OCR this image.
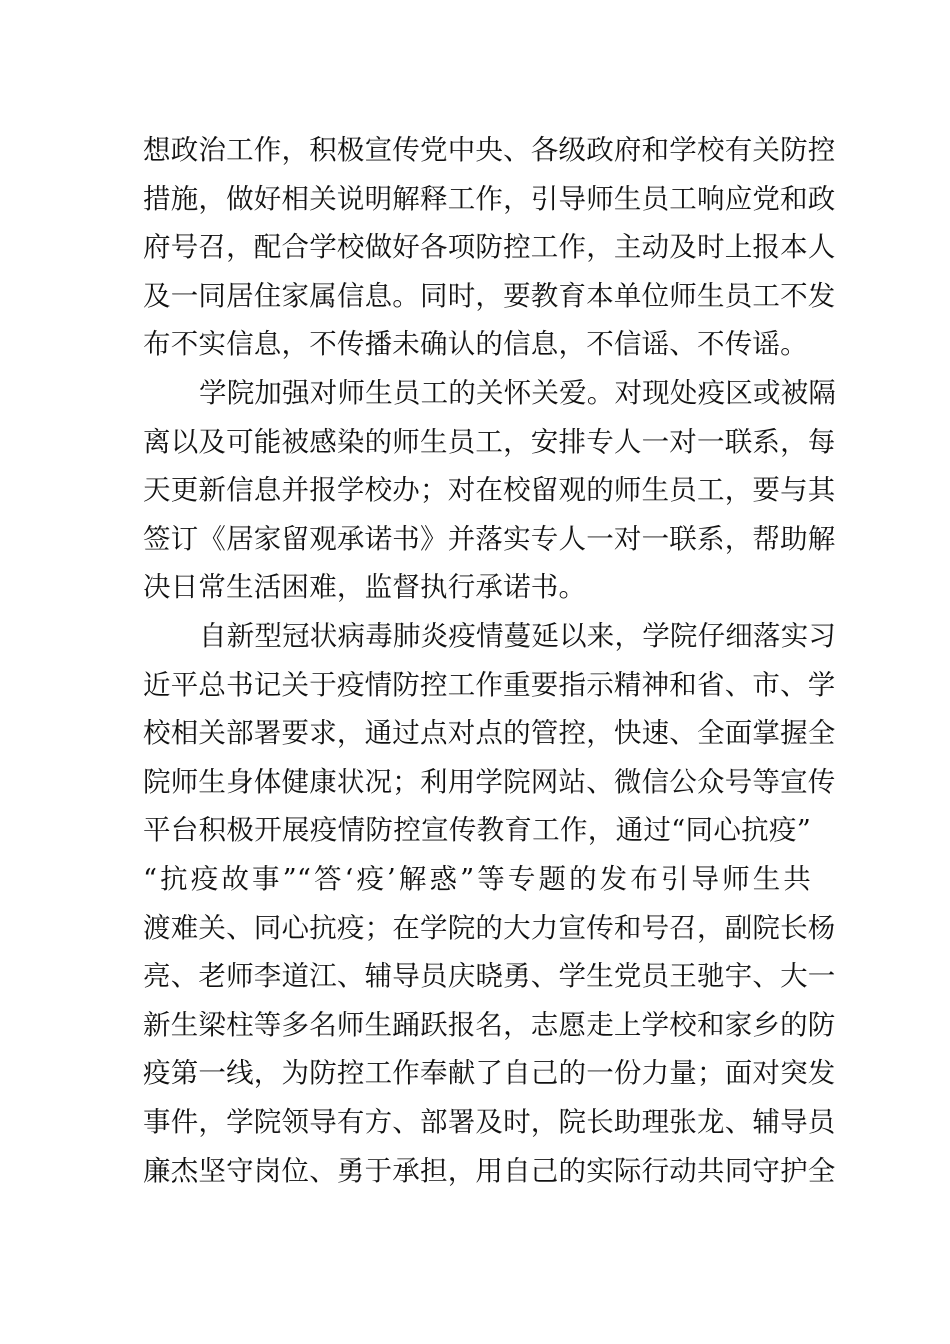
想政治工作，积极宣传党中央、各级政府和学校有关防控
措施，做好相关说明解释工作，引导师生员工响应党和政
府号召，配合学校做好各项防控工作，主动及时上报本人
及一同居住家属信息。同时，要教育本单位师生员工不发
布不实信息，不传播未确认的信息，不信谣、不传谣。
学院加强对师生员工的关怀关爱。对现处疫区或被隔
离以及可能被感染的师生员工，安排专人一对一联系，每
天更新信息并报学校办；对在校留观的师生员工，要与其
签订《居家留观承诺书》并落实专人一对一联系，帮助解
决日常生活困难，监督执行承诺书。
自新型冠状病毒肺炎疫情蔓延以来，学院仔细落实习
近平总书记关于疫情防控工作重要指示精神和省、市、学
校相关部署要求，通过点对点的管控，快速、全面掌握全
院师生身体健康状况；利用学院网站、微信公众号等宣传
平台积极开展疫情防控宣传教育工作，通过“同心抗疫”
“抗疫故事”“答‘疫’解惑”等专题的发布引导师生共
渡难关、同心抗疫；在学院的大力宣传和号召，副院长杨
亮、老师李道江、辅导员庆晓勇、学生党员王驰宇、大一
新生梁柱等多名师生踊跃报名，志愿走上学校和家乡的防
疫第一线，为防控工作奉献了自己的一份力量；面对突发
事件，学院领导有方、部署及时，院长助理张龙、辅导员
廉杰坚守岗位、勇于承担，用自己的实际行动共同守护全
